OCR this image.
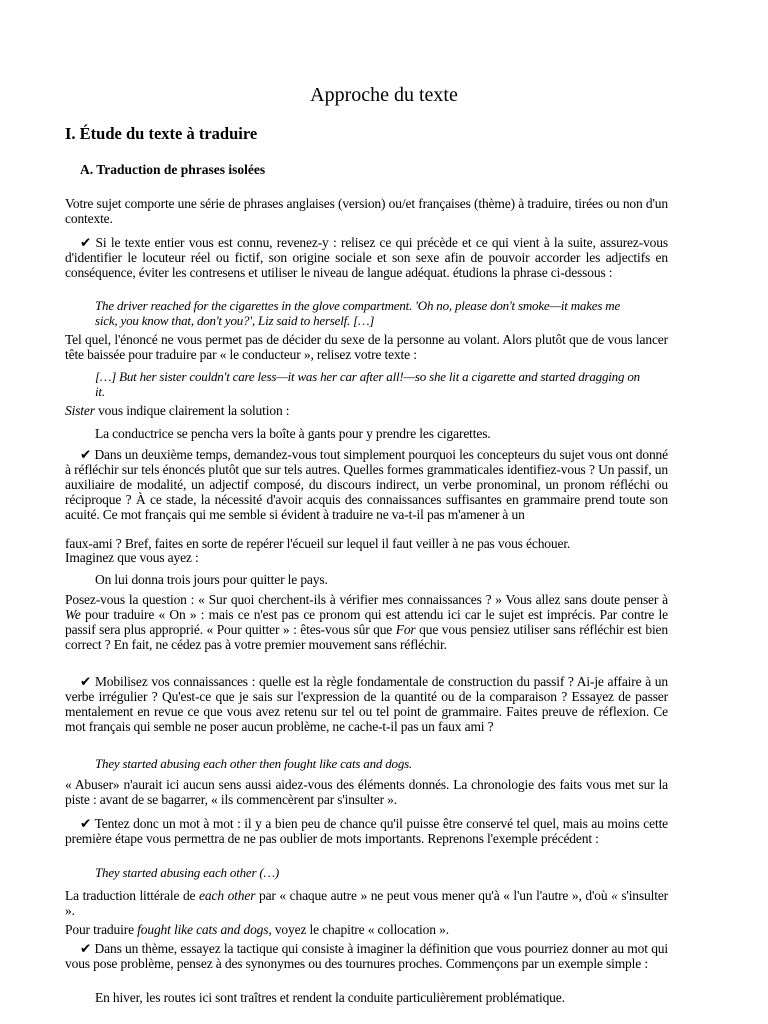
Approche du texte
I. Étude du texte à traduire
A. Traduction de phrases isolées

Votre sujet comporte une série de phrases anglaises (version) ou/et françaises (thème) à traduire, tirées ou non d'un contexte.

✔ Si le texte entier vous est connu, revenez-y : relisez ce qui précède et ce qui vient à la suite, assurez-vous d'identifier le locuteur réel ou fictif, son origine sociale et son sexe afin de pouvoir accorder les adjectifs en conséquence, éviter les contresens et utiliser le niveau de langue adéquat. étudions la phrase ci-dessous :

The driver reached for the cigarettes in the glove compartment. 'Oh no, please don't smoke—it makes me sick, you know that, don't you?', Liz said to herself. […]

Tel quel, l'énoncé ne vous permet pas de décider du sexe de la personne au volant. Alors plutôt que de vous lancer tête baissée pour traduire par « le conducteur », relisez votre texte :

[…] But her sister couldn't care less—it was her car after all!—so she lit a cigarette and started dragging on it.

Sister vous indique clairement la solution :

La conductrice se pencha vers la boîte à gants pour y prendre les cigarettes.

✔ Dans un deuxième temps, demandez-vous tout simplement pourquoi les concepteurs du sujet vous ont donné à réfléchir sur tels énoncés plutôt que sur tels autres. Quelles formes grammaticales identifiez-vous ? Un passif, un auxiliaire de modalité, un adjectif composé, du discours indirect, un verbe pronominal, un pronom réfléchi ou réciproque ? À ce stade, la nécessité d'avoir acquis des connaissances suffisantes en grammaire prend toute son acuité. Ce mot français qui me semble si évident à traduire ne va-t-il pas m'amener à un

faux-ami ? Bref, faites en sorte de repérer l'écueil sur lequel il faut veiller à ne pas vous échouer.

Imaginez que vous ayez :

On lui donna trois jours pour quitter le pays.

Posez-vous la question : « Sur quoi cherchent-ils à vérifier mes connaissances ? » Vous allez sans doute penser à We pour traduire « On » : mais ce n'est pas ce pronom qui est attendu ici car le sujet est imprécis. Par contre le passif sera plus approprié. « Pour quitter » : êtes-vous sûr que For que vous pensiez utiliser sans réfléchir est bien correct ? En fait, ne cédez pas à votre premier mouvement sans réfléchir.

✔ Mobilisez vos connaissances : quelle est la règle fondamentale de construction du passif ? Ai-je affaire à un verbe irrégulier ? Qu'est-ce que je sais sur l'expression de la quantité ou de la comparaison ? Essayez de passer mentalement en revue ce que vous avez retenu sur tel ou tel point de grammaire. Faites preuve de réflexion. Ce mot français qui semble ne poser aucun problème, ne cache-t-il pas un faux ami ?

They started abusing each other then fought like cats and dogs.

« Abuser» n'aurait ici aucun sens aussi aidez-vous des éléments donnés. La chronologie des faits vous met sur la piste : avant de se bagarrer, « ils commencèrent par s'insulter ».

✔ Tentez donc un mot à mot : il y a bien peu de chance qu'il puisse être conservé tel quel, mais au moins cette première étape vous permettra de ne pas oublier de mots importants. Reprenons l'exemple précédent :

They started abusing each other (…)

La traduction littérale de each other par « chaque autre » ne peut vous mener qu'à « l'un l'autre », d'où « s'insulter ».

Pour traduire fought like cats and dogs, voyez le chapitre « collocation ».

✔ Dans un thème, essayez la tactique qui consiste à imaginer la définition que vous pourriez donner au mot qui vous pose problème, pensez à des synonymes ou des tournures proches. Commençons par un exemple simple :

En hiver, les routes ici sont traîtres et rendent la conduite particulièrement problématique.
